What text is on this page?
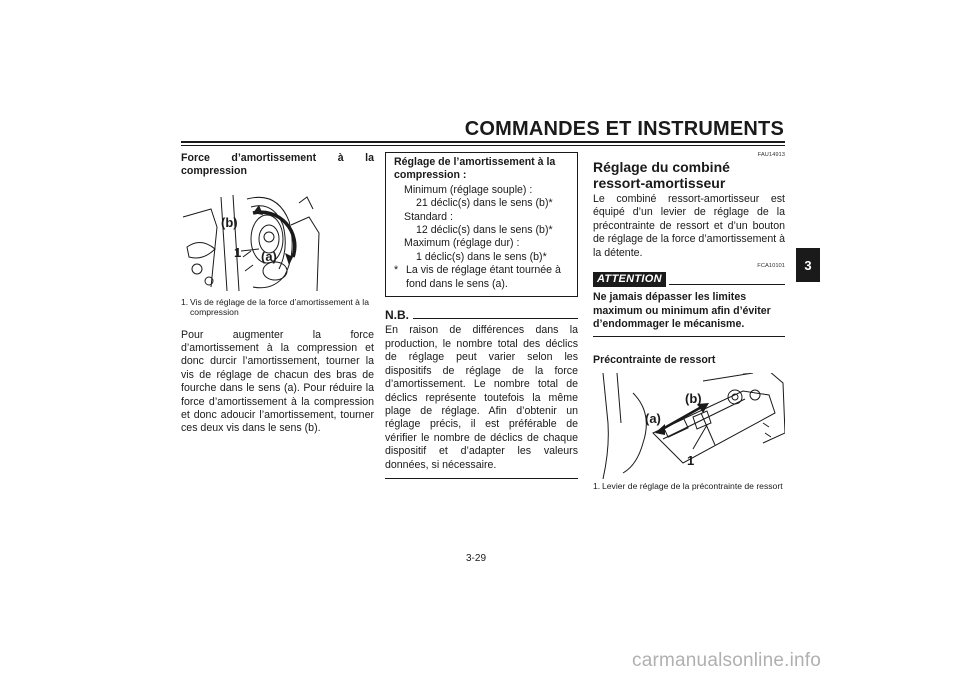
COMMANDES ET INSTRUMENTS
3
Force d’amortissement à la compression
(b)
1 (a)
1. Vis de réglage de la force d’amortissement à la compression

Pour augmenter la force d’amortissement à la compression et donc durcir l’amortissement, tourner la vis de réglage de chacun des bras de fourche dans le sens (a). Pour réduire la force d’amortissement à la compression et donc adoucir l’amortissement, tourner ces deux vis dans le sens (b).

Réglage de l’amortissement à la compression :
Minimum (réglage souple) :
21 déclic(s) dans le sens (b)*
Standard :
12 déclic(s) dans le sens (b)*
Maximum (réglage dur) :
1 déclic(s) dans le sens (b)*
* La vis de réglage étant tournée à fond dans le sens (a).
N.B.

En raison de différences dans la production, le nombre total des déclics de réglage peut varier selon les dispositifs de réglage de la force d’amortissement. Le nombre total de déclics représente toutefois la même plage de réglage. Afin d’obtenir un réglage précis, il est préférable de vérifier le nombre de déclics de chaque dispositif et d’adapter les valeurs données, si nécessaire.

FAU14913
Réglage du combiné ressort-amortisseur

Le combiné ressort-amortisseur est équipé d’un levier de réglage de la précontrainte de ressort et d’un bouton de réglage de la force d’amortissement à la détente.

FCA10101
ATTENTION
Ne jamais dépasser les limites maximum ou minimum afin d’éviter d’endommager le mécanisme.
Précontrainte de ressort
(b)
(a)
1
1. Levier de réglage de la précontrainte de ressort
3-29
carmanualsonline.info
